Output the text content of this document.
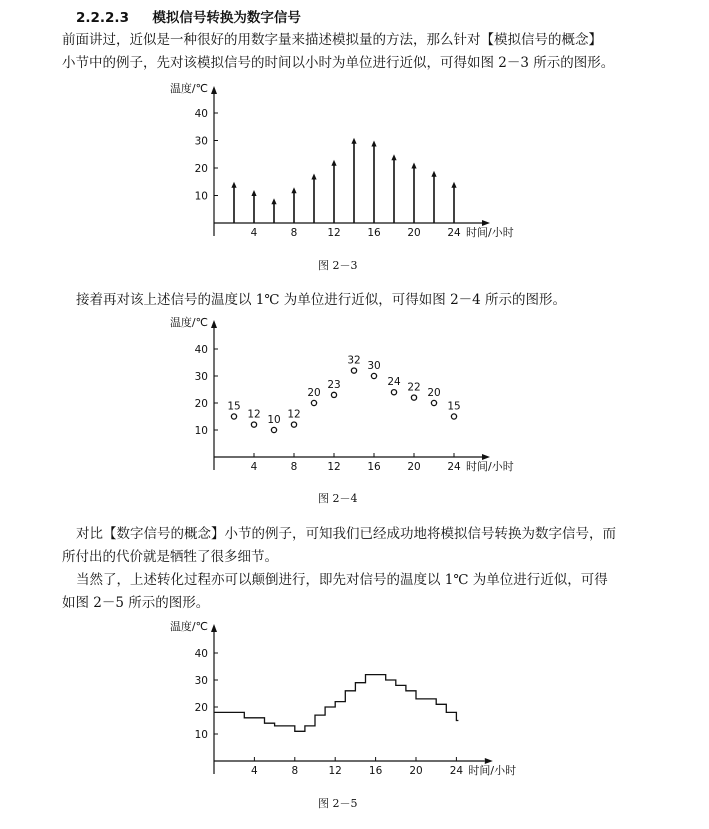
2.2.2.3 模拟信号转换为数字信号
前面讲过，近似是一种很好的用数字量来描述模拟量的方法，那么针对【模拟信号的概念】
小节中的例子，先对该模拟信号的时间以小时为单位进行近似，可得如图 2－3 所示的图形。
温度/℃
时间/小时
4	8	12	16	20	24
10
20
30
40
图 2－3
接着再对该上述信号的温度以 1℃ 为单位进行近似，可得如图 2－4 所示的图形。
温度/℃
时间/小时
4	8	12	16	20	24
10
20
30
40
15
12 10 12
20
23
32 30
24 22 20
15
图 2－4
对比【数字信号的概念】小节的例子，可知我们已经成功地将模拟信号转换为数字信号，而
所付出的代价就是牺牲了很多细节。
当然了，上述转化过程亦可以颠倒进行，即先对信号的温度以 1℃ 为单位进行近似，可得
如图 2－5 所示的图形。
温度/℃
时间/小时
4	8	12	16	20	24
10
20
30
40
图 2－5
